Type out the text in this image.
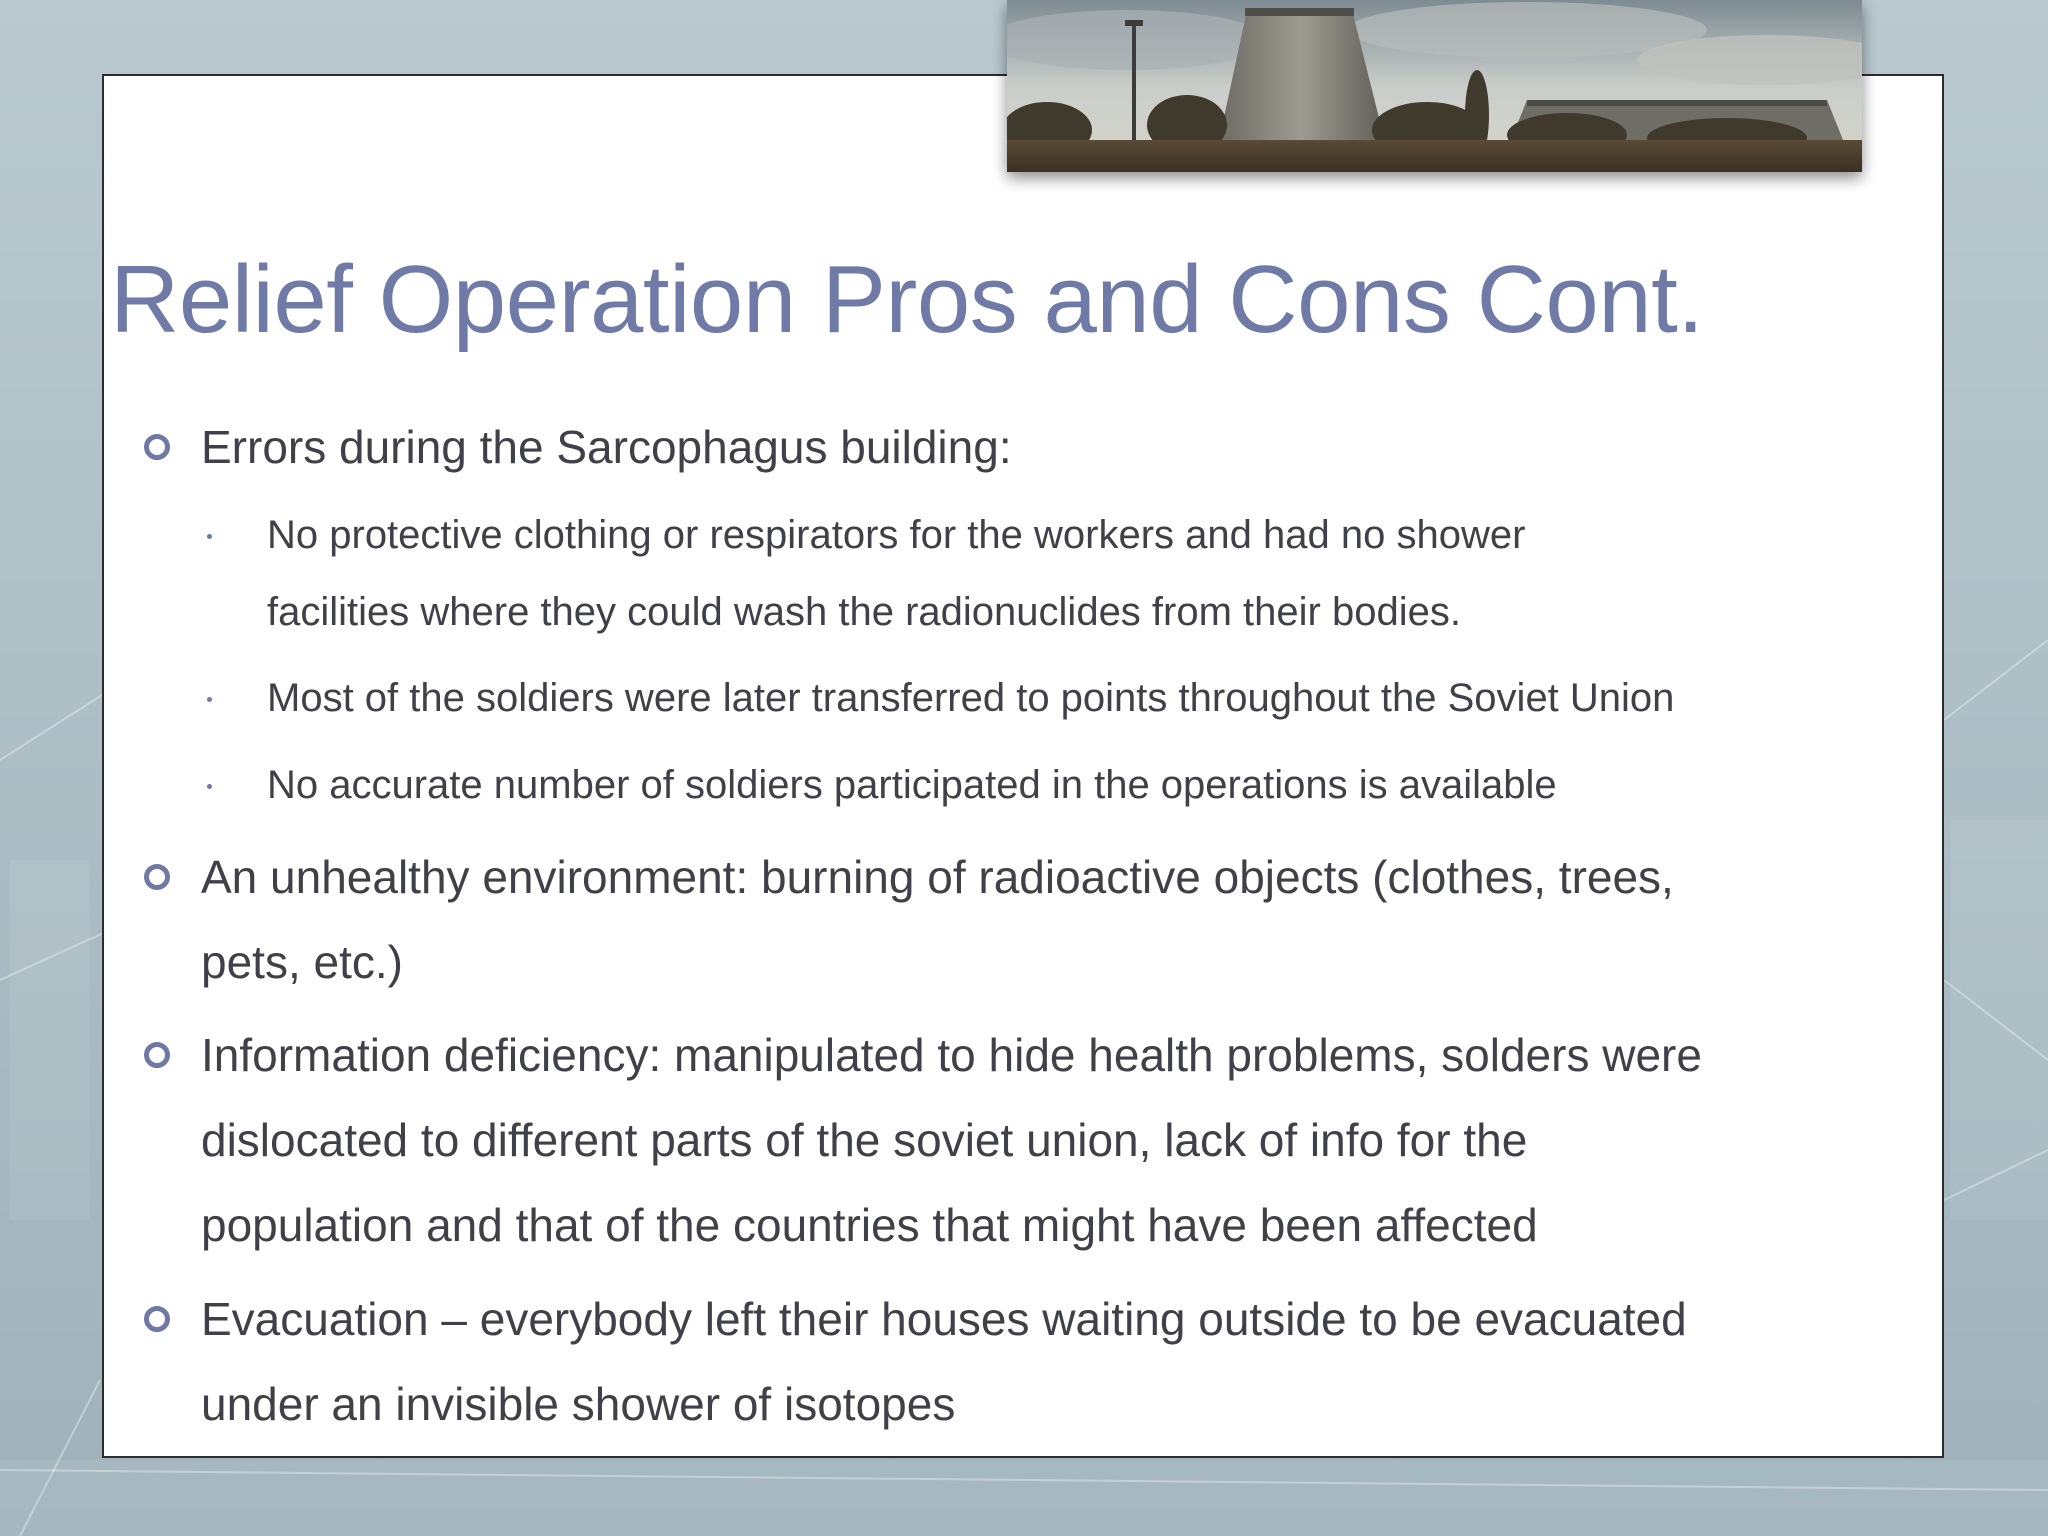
Relief Operation Pros and Cons Cont.
Errors during the Sarcophagus building:
No protective clothing or respirators for the workers and had no shower
facilities where they could wash the radionuclides from their bodies.
Most of the soldiers were later transferred to points throughout the Soviet Union
No accurate number of soldiers participated in the operations is available
An unhealthy environment: burning of radioactive objects (clothes, trees,
pets, etc.)
Information deficiency: manipulated to hide health problems, solders were
dislocated to different parts of the soviet union, lack of info for the
population and that of the countries that might have been affected
Evacuation – everybody left their houses waiting outside to be evacuated
under an invisible shower of isotopes
